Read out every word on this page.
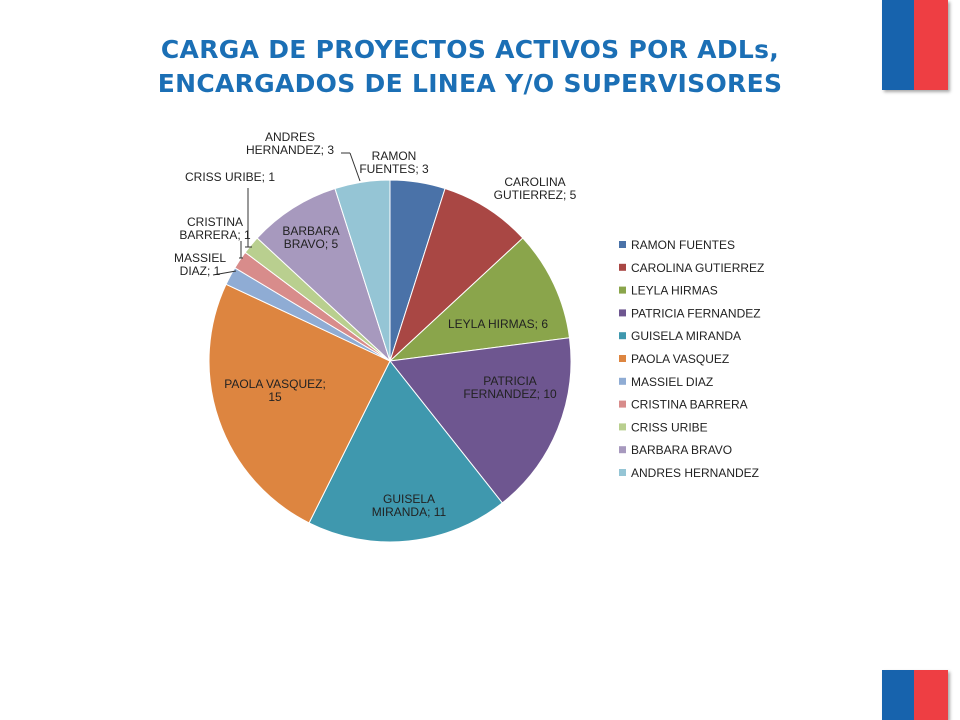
CARGA DE PROYECTOS ACTIVOS POR ADLs,
ENCARGADOS DE LINEA Y/O SUPERVISORES
RAMON FUENTES; 3
CAROLINA GUTIERREZ; 5
LEYLA HIRMAS; 6
PATRICIA FERNANDEZ; 10
GUISELA MIRANDA; 11
PAOLA VASQUEZ; 15
MASSIEL DIAZ; 1
CRISTINA BARRERA; 1
CRISS URIBE; 1
BARBARA BRAVO; 5
ANDRES HERNANDEZ; 3
RAMON FUENTES
CAROLINA GUTIERREZ
LEYLA HIRMAS
PATRICIA FERNANDEZ
GUISELA MIRANDA
PAOLA VASQUEZ
MASSIEL DIAZ
CRISTINA BARRERA
CRISS URIBE
BARBARA BRAVO
ANDRES HERNANDEZ
